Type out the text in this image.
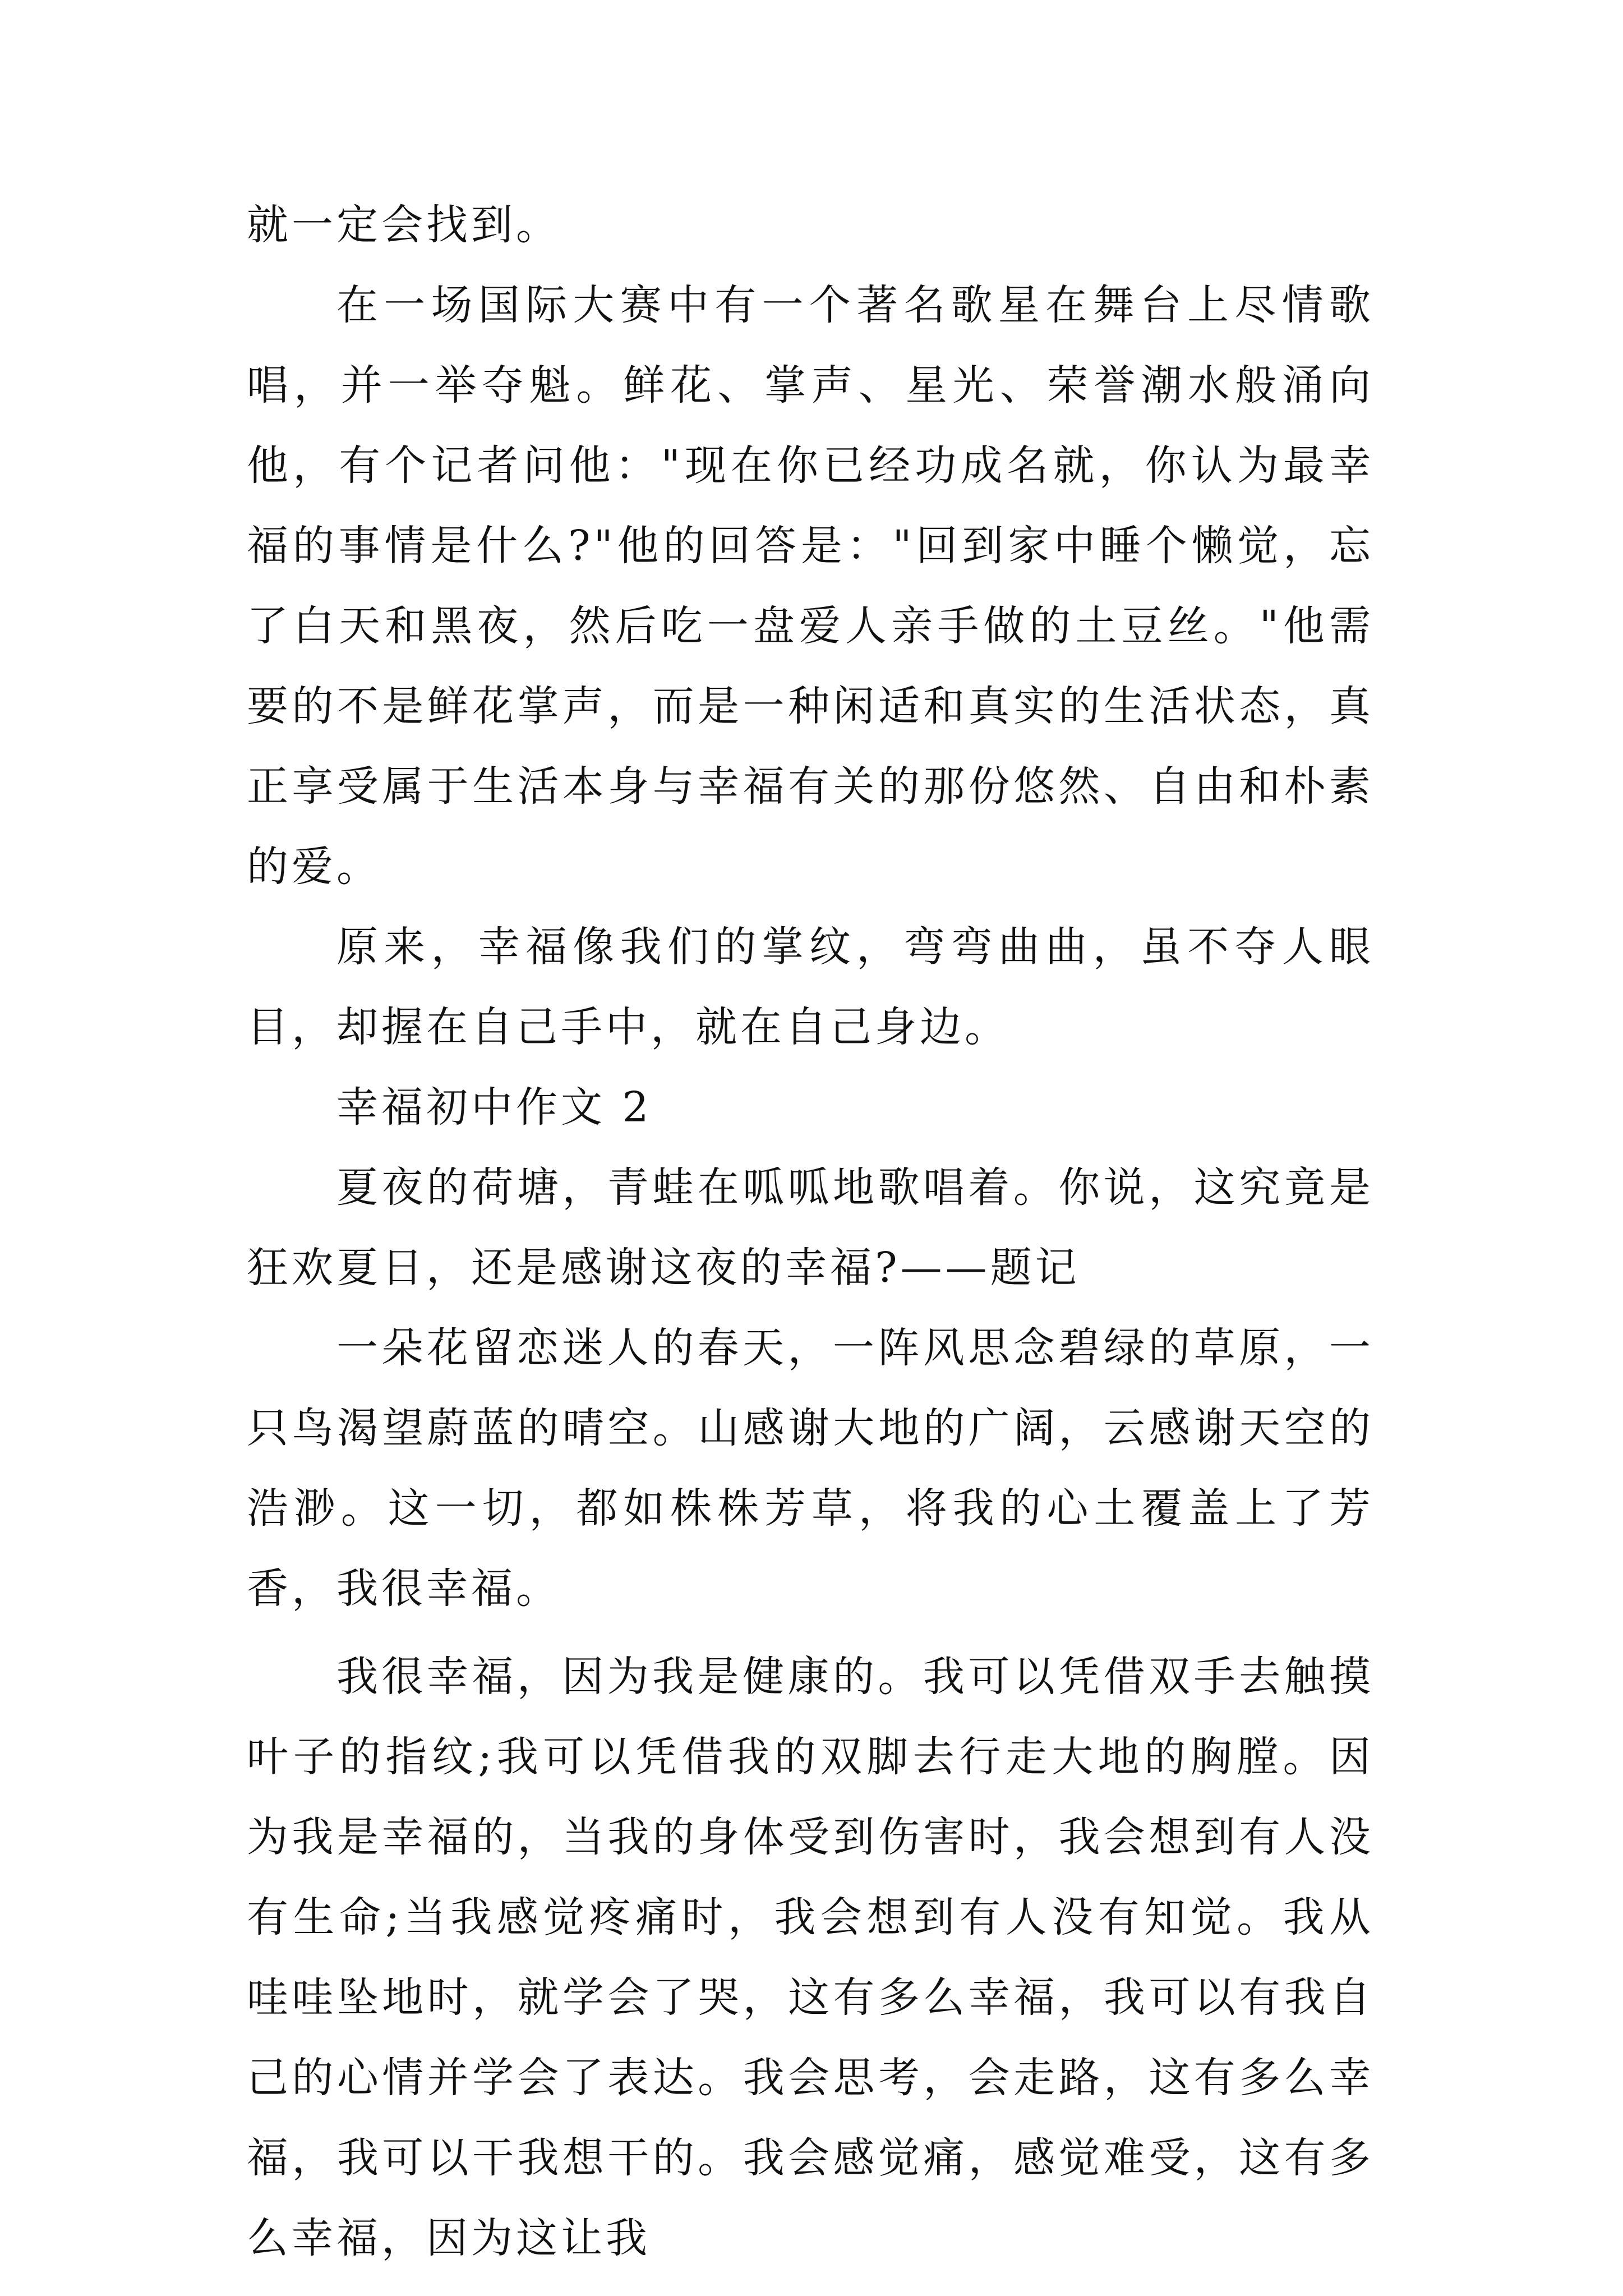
就一定会找到。

在一场国际大赛中有一个著名歌星在舞台上尽情歌唱，并一举夺魁。鲜花、掌声、星光、荣誉潮水般涌向他，有个记者问他："现在你已经功成名就，你认为最幸福的事情是什么?"他的回答是："回到家中睡个懒觉，忘了白天和黑夜，然后吃一盘爱人亲手做的土豆丝。"他需要的不是鲜花掌声，而是一种闲适和真实的生活状态，真正享受属于生活本身与幸福有关的那份悠然、自由和朴素的爱。

原来，幸福像我们的掌纹，弯弯曲曲，虽不夺人眼目，却握在自己手中，就在自己身边。

幸福初中作文 2

夏夜的荷塘，青蛙在呱呱地歌唱着。你说，这究竟是狂欢夏日，还是感谢这夜的幸福?——题记

一朵花留恋迷人的春天，一阵风思念碧绿的草原，一只鸟渴望蔚蓝的晴空。山感谢大地的广阔，云感谢天空的浩渺。这一切，都如株株芳草，将我的心土覆盖上了芳香，我很幸福。

我很幸福，因为我是健康的。我可以凭借双手去触摸叶子的指纹;我可以凭借我的双脚去行走大地的胸膛。因为我是幸福的，当我的身体受到伤害时，我会想到有人没有生命;当我感觉疼痛时，我会想到有人没有知觉。我从哇哇坠地时，就学会了哭，这有多么幸福，我可以有我自己的心情并学会了表达。我会思考，会走路，这有多么幸福，我可以干我想干的。我会感觉痛，感觉难受，这有多么幸福，因为这让我
